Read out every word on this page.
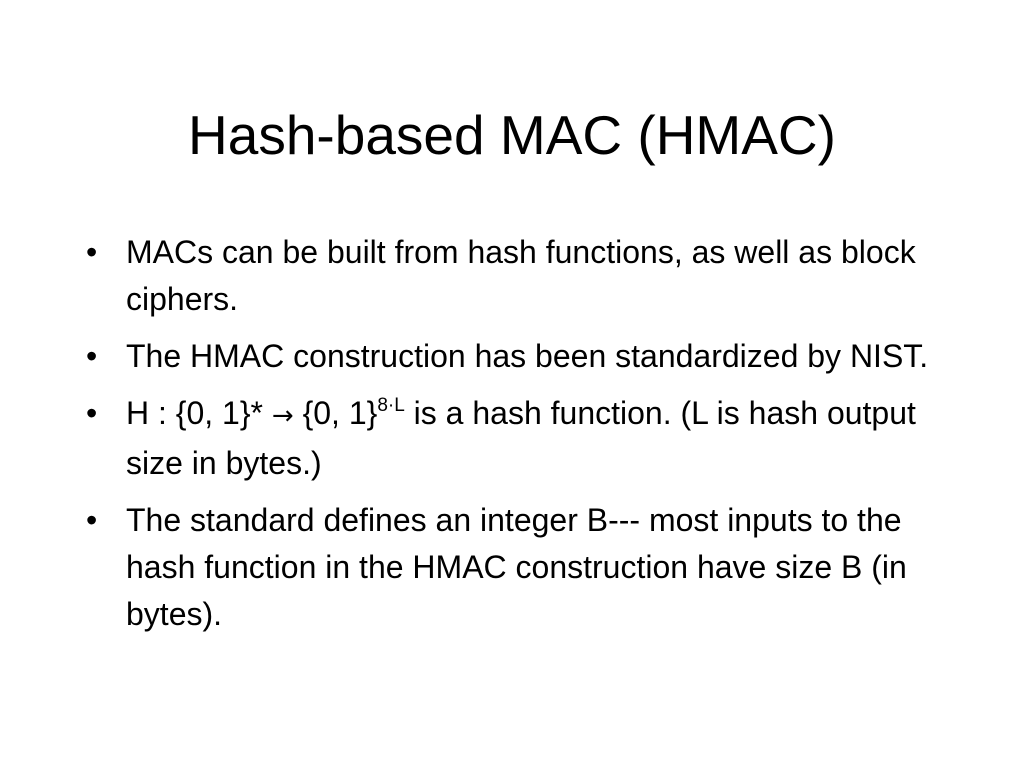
Hash-based MAC (HMAC)
• MACs can be built from hash functions, as well as block ciphers.
• The HMAC construction has been standardized by NIST.
• H : {0, 1}* → {0, 1}$^{8\cdot L}$ is a hash function. (L is hash output size in bytes.)
• The standard defines an integer B--- most inputs to the hash function in the HMAC construction have size B (in bytes).
